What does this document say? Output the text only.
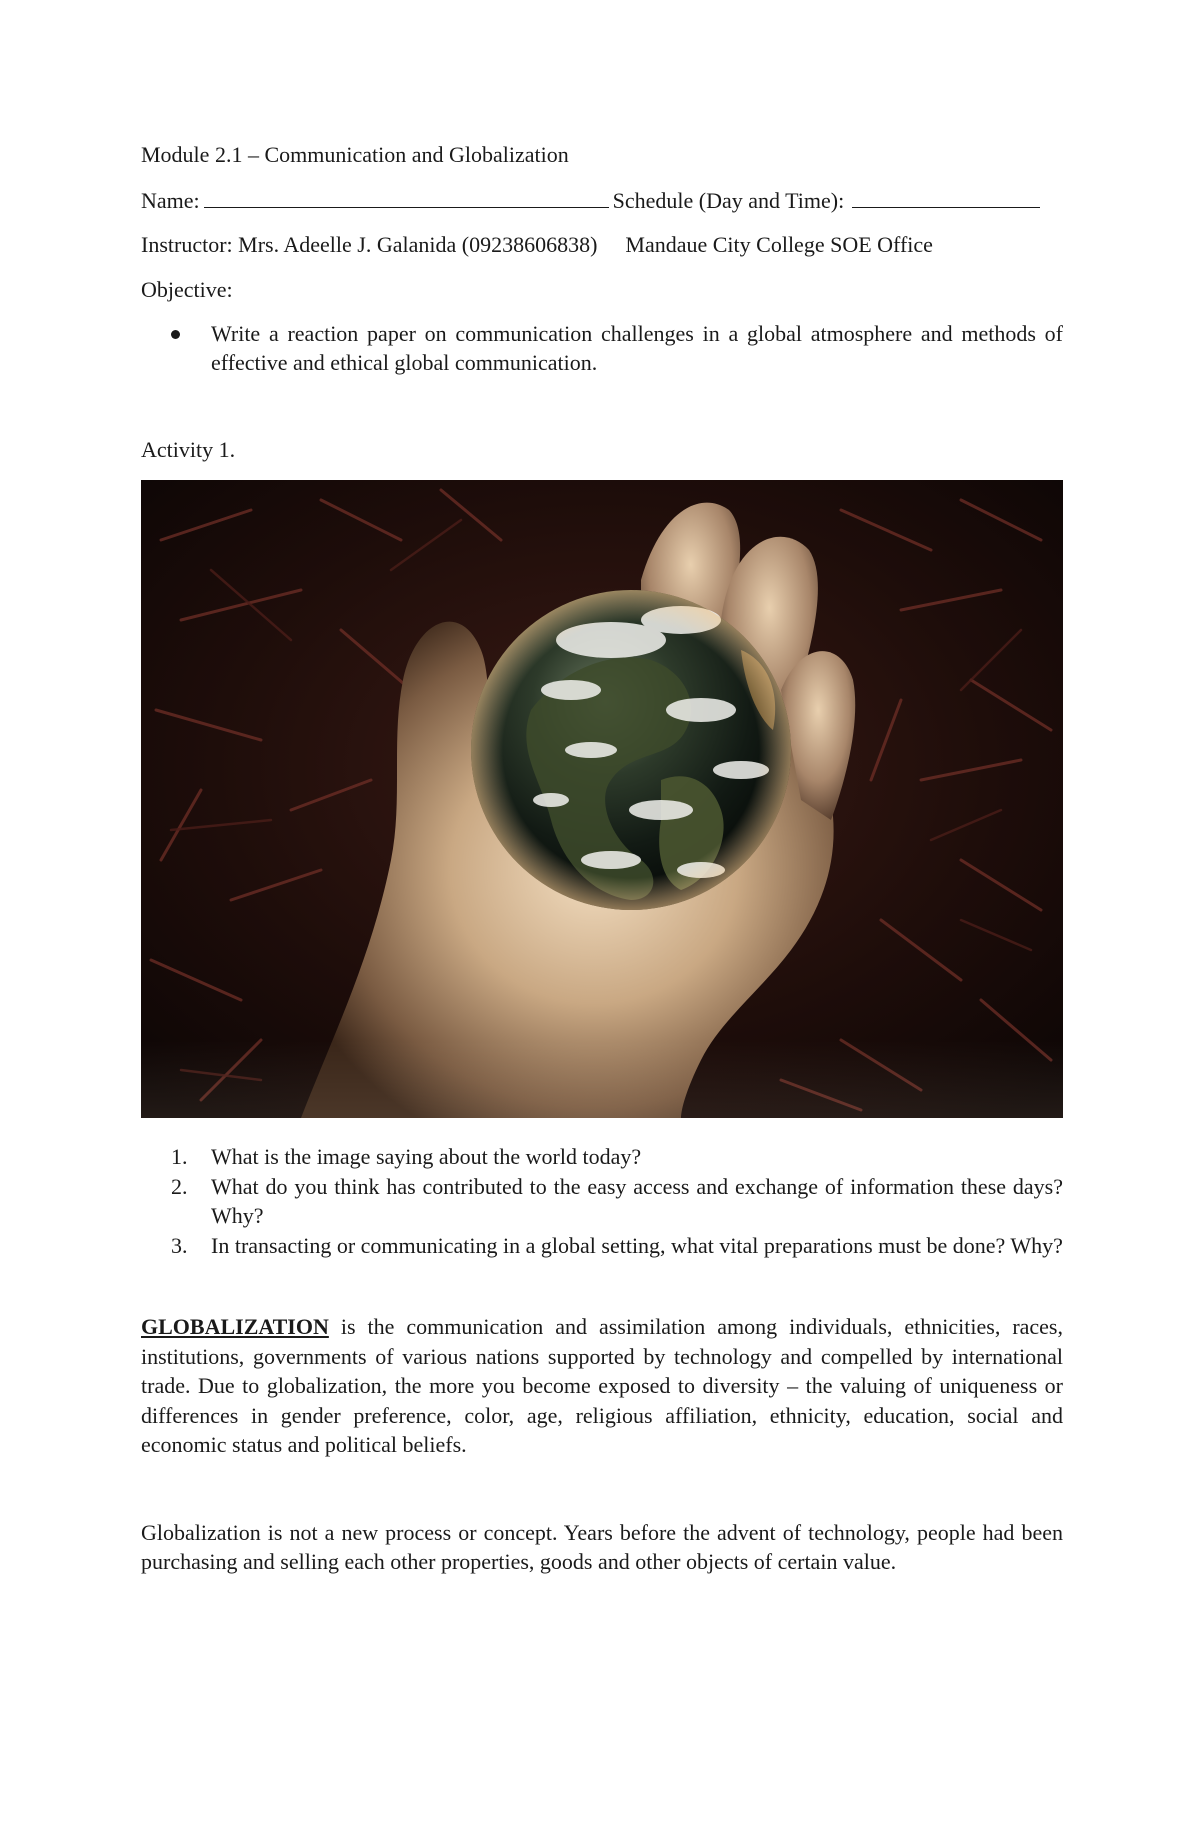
Module 2.1 – Communication and Globalization

Name:	Schedule (Day and Time):

Instructor: Mrs. Adeelle J. Galanida (09238606838) Mandaue City College SOE Office

Objective:

Write a reaction paper on communication challenges in a global atmosphere and methods of effective and ethical global communication.

Activity 1.

1. What is the image saying about the world today?
2. What do you think has contributed to the easy access and exchange of information these days? Why?
3. In transacting or communicating in a global setting, what vital preparations must be done? Why?

GLOBALIZATION is the communication and assimilation among individuals, ethnicities, races, institutions, governments of various nations supported by technology and compelled by international trade. Due to globalization, the more you become exposed to diversity – the valuing of uniqueness or differences in gender preference, color, age, religious affiliation, ethnicity, education, social and economic status and political beliefs.

Globalization is not a new process or concept. Years before the advent of technology, people had been purchasing and selling each other properties, goods and other objects of certain value.
